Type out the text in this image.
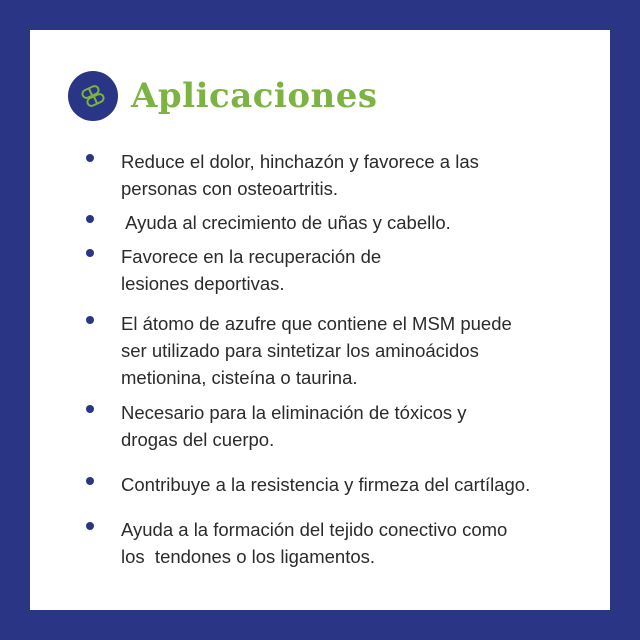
Aplicaciones
Reduce el dolor, hinchazón y favorece a las
personas con osteoartritis.
Ayuda al crecimiento de uñas y cabello.
Favorece en la recuperación de
lesiones deportivas.
El átomo de azufre que contiene el MSM puede
ser utilizado para sintetizar los aminoácidos
metionina, cisteína o taurina.
Necesario para la eliminación de tóxicos y
drogas del cuerpo.
Contribuye a la resistencia y firmeza del cartílago.
Ayuda a la formación del tejido conectivo como
los  tendones o los ligamentos.
